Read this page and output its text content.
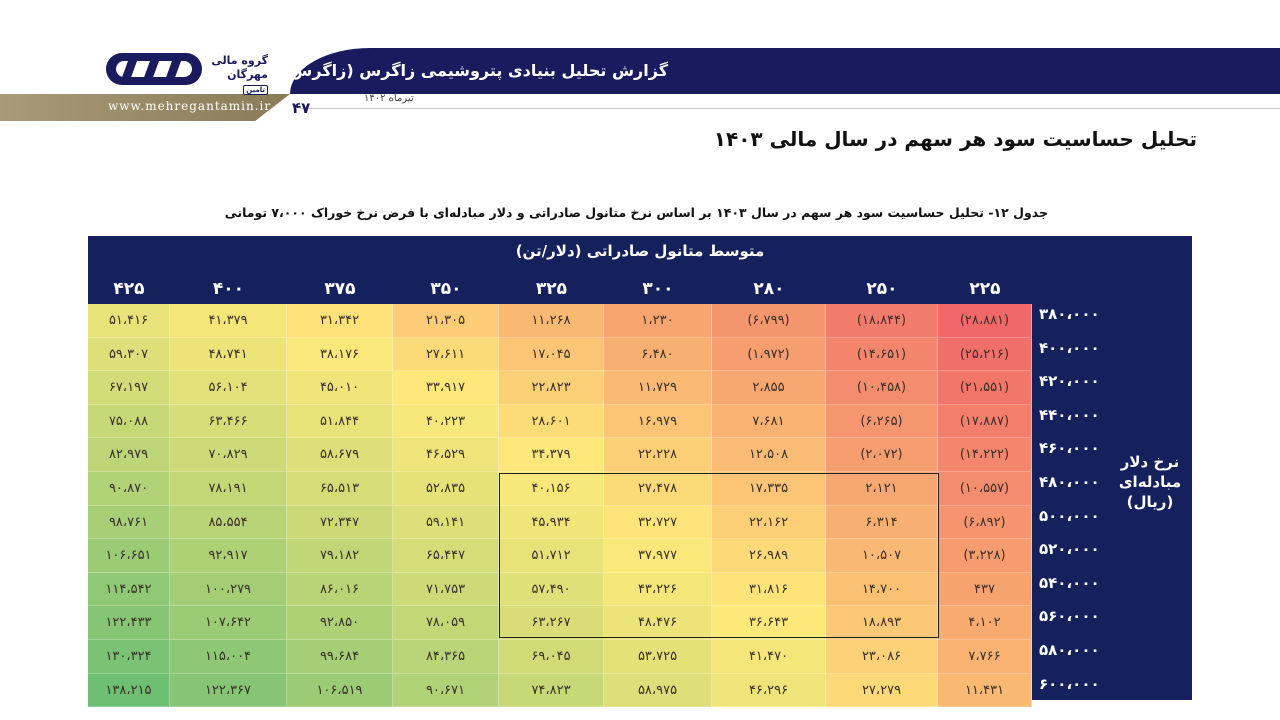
گزارش تحلیل بنیادی پتروشیمی زاگرس (زاگرس)
تیرماه ۱۴۰۲
۴۷
www.mehregantamin.ir
گروه مالی
مهرگان تامین
تحلیل حساسیت سود هر سهم در سال مالی ۱۴۰۳
جدول ۱۲- تحلیل حساسیت سود هر سهم در سال ۱۴۰۳ بر اساس نرخ متانول صادراتی و دلار مبادله‌ای با فرض نرخ خوراک ۷،۰۰۰ تومانی
متوسط متانول صادراتی (دلار/تن)
۲۲۵
۲۵۰
۲۸۰
۳۰۰
۳۲۵
۳۵۰
۳۷۵
۴۰۰
۴۲۵
(۲۸،۸۸۱)
(۱۸،۸۴۴)
(۶،۷۹۹)
۱،۲۳۰
۱۱،۲۶۸
۲۱،۳۰۵
۳۱،۳۴۲
۴۱،۳۷۹
۵۱،۴۱۶
(۲۵،۲۱۶)
(۱۴،۶۵۱)
(۱،۹۷۲)
۶،۴۸۰
۱۷،۰۴۵
۲۷،۶۱۱
۳۸،۱۷۶
۴۸،۷۴۱
۵۹،۳۰۷
(۲۱،۵۵۱)
(۱۰،۴۵۸)
۲،۸۵۵
۱۱،۷۲۹
۲۲،۸۲۳
۳۳،۹۱۷
۴۵،۰۱۰
۵۶،۱۰۴
۶۷،۱۹۷
(۱۷،۸۸۷)
(۶،۲۶۵)
۷،۶۸۱
۱۶،۹۷۹
۲۸،۶۰۱
۴۰،۲۲۳
۵۱،۸۴۴
۶۳،۴۶۶
۷۵،۰۸۸
(۱۴،۲۲۲)
(۲،۰۷۲)
۱۲،۵۰۸
۲۲،۲۲۸
۳۴،۳۷۹
۴۶،۵۲۹
۵۸،۶۷۹
۷۰،۸۲۹
۸۲،۹۷۹
(۱۰،۵۵۷)
۲،۱۲۱
۱۷،۳۳۵
۲۷،۴۷۸
۴۰،۱۵۶
۵۲،۸۳۵
۶۵،۵۱۳
۷۸،۱۹۱
۹۰،۸۷۰
(۶،۸۹۲)
۶،۳۱۴
۲۲،۱۶۲
۳۲،۷۲۷
۴۵،۹۳۴
۵۹،۱۴۱
۷۲،۳۴۷
۸۵،۵۵۴
۹۸،۷۶۱
(۳،۲۲۸)
۱۰،۵۰۷
۲۶،۹۸۹
۳۷،۹۷۷
۵۱،۷۱۲
۶۵،۴۴۷
۷۹،۱۸۲
۹۲،۹۱۷
۱۰۶،۶۵۱
۴۳۷
۱۴،۷۰۰
۳۱،۸۱۶
۴۳،۲۲۶
۵۷،۴۹۰
۷۱،۷۵۳
۸۶،۰۱۶
۱۰۰،۲۷۹
۱۱۴،۵۴۲
۴،۱۰۲
۱۸،۸۹۳
۳۶،۶۴۳
۴۸،۴۷۶
۶۳،۲۶۷
۷۸،۰۵۹
۹۲،۸۵۰
۱۰۷،۶۴۲
۱۲۲،۴۳۳
۷،۷۶۶
۲۳،۰۸۶
۴۱،۴۷۰
۵۳،۷۲۵
۶۹،۰۴۵
۸۴،۳۶۵
۹۹،۶۸۴
۱۱۵،۰۰۴
۱۳۰،۳۲۴
۱۱،۴۳۱
۲۷،۲۷۹
۴۶،۲۹۶
۵۸،۹۷۵
۷۴،۸۲۳
۹۰،۶۷۱
۱۰۶،۵۱۹
۱۲۲،۳۶۷
۱۳۸،۲۱۵
۳۸۰،۰۰۰
۴۰۰،۰۰۰
۴۲۰،۰۰۰
۴۴۰،۰۰۰
۴۶۰،۰۰۰
۴۸۰،۰۰۰
۵۰۰،۰۰۰
۵۲۰،۰۰۰
۵۴۰،۰۰۰
۵۶۰،۰۰۰
۵۸۰،۰۰۰
۶۰۰،۰۰۰
نرخ دلار
مبادله‌ای
(ریال)
